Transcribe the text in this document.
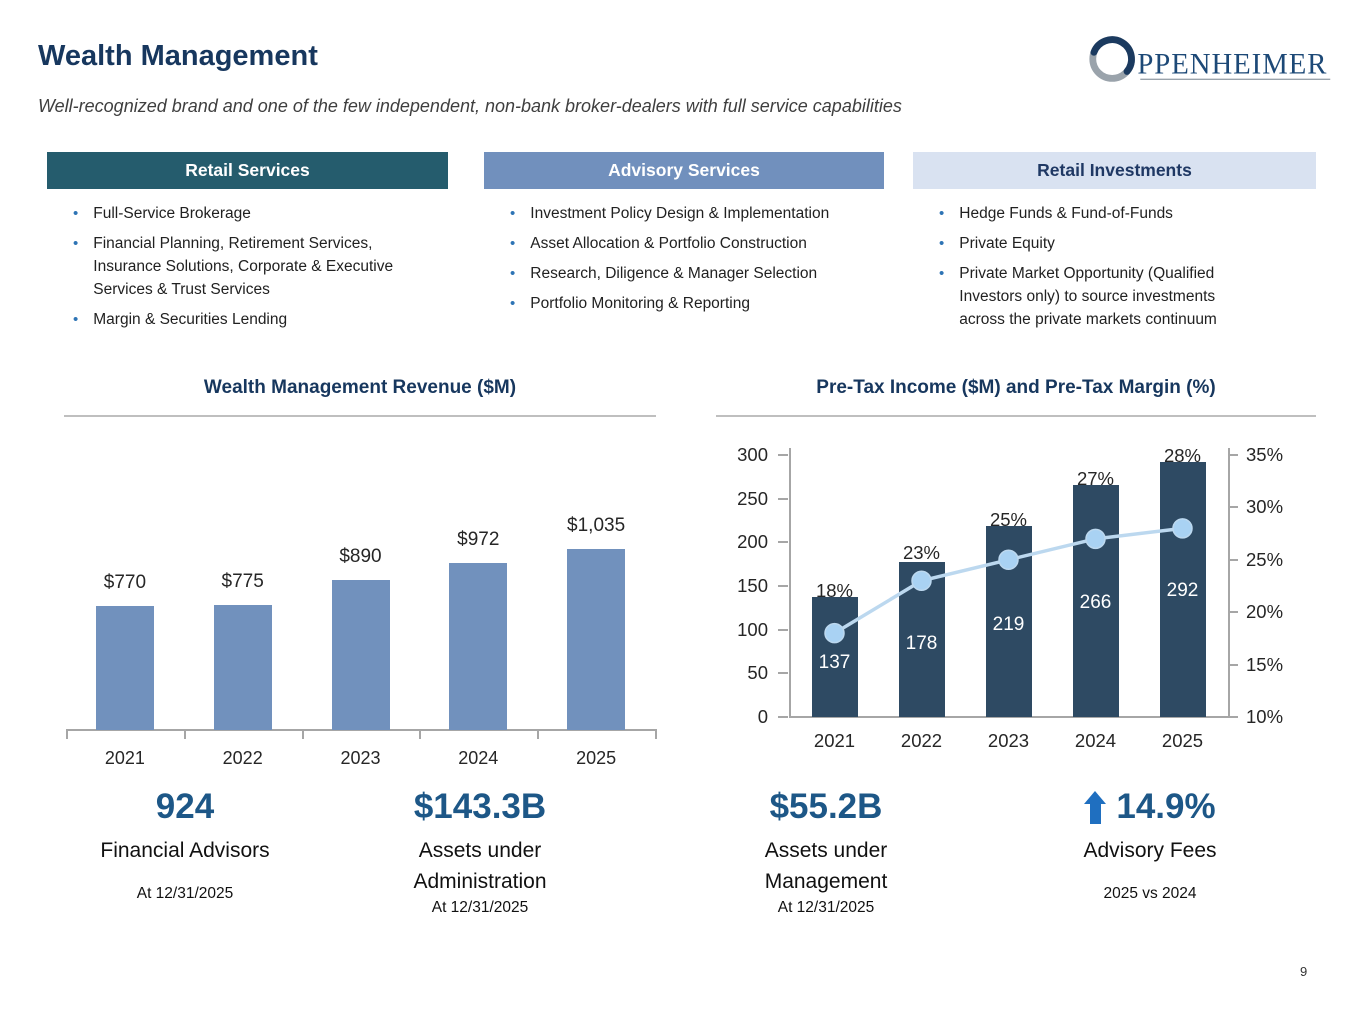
Wealth Management
Well-recognized brand and one of the few independent, non-bank broker-dealers with full service capabilities
PPENHEIMER
Retail Services
• Full-Service Brokerage
• Financial Planning, Retirement Services, Insurance Solutions, Corporate & Executive Services & Trust Services
• Margin & Securities Lending
Advisory Services
• Investment Policy Design & Implementation
• Asset Allocation & Portfolio Construction
• Research, Diligence & Manager Selection
• Portfolio Monitoring & Reporting
Retail Investments
• Hedge Funds & Fund-of-Funds
• Private Equity
• Private Market Opportunity (Qualified Investors only) to source investments across the private markets continuum
Wealth Management Revenue ($M)	Pre-Tax Income ($M) and Pre-Tax Margin (%)
$770
2021
$775
2022
$890
2023
$972
2024
$1,035
2025
300
250
200
150
100
50
0
35%
30%
25%
20%
15%
10%
137
18%
2021
178
23%
2022
219
25%
2023
266
27%
2024
292
28%
2025
924
Financial Advisors
At 12/31/2025
$143.3B
Assets under Administration
At 12/31/2025
$55.2B
Assets under Management
At 12/31/2025
14.9%
Advisory Fees
2025 vs 2024
9
